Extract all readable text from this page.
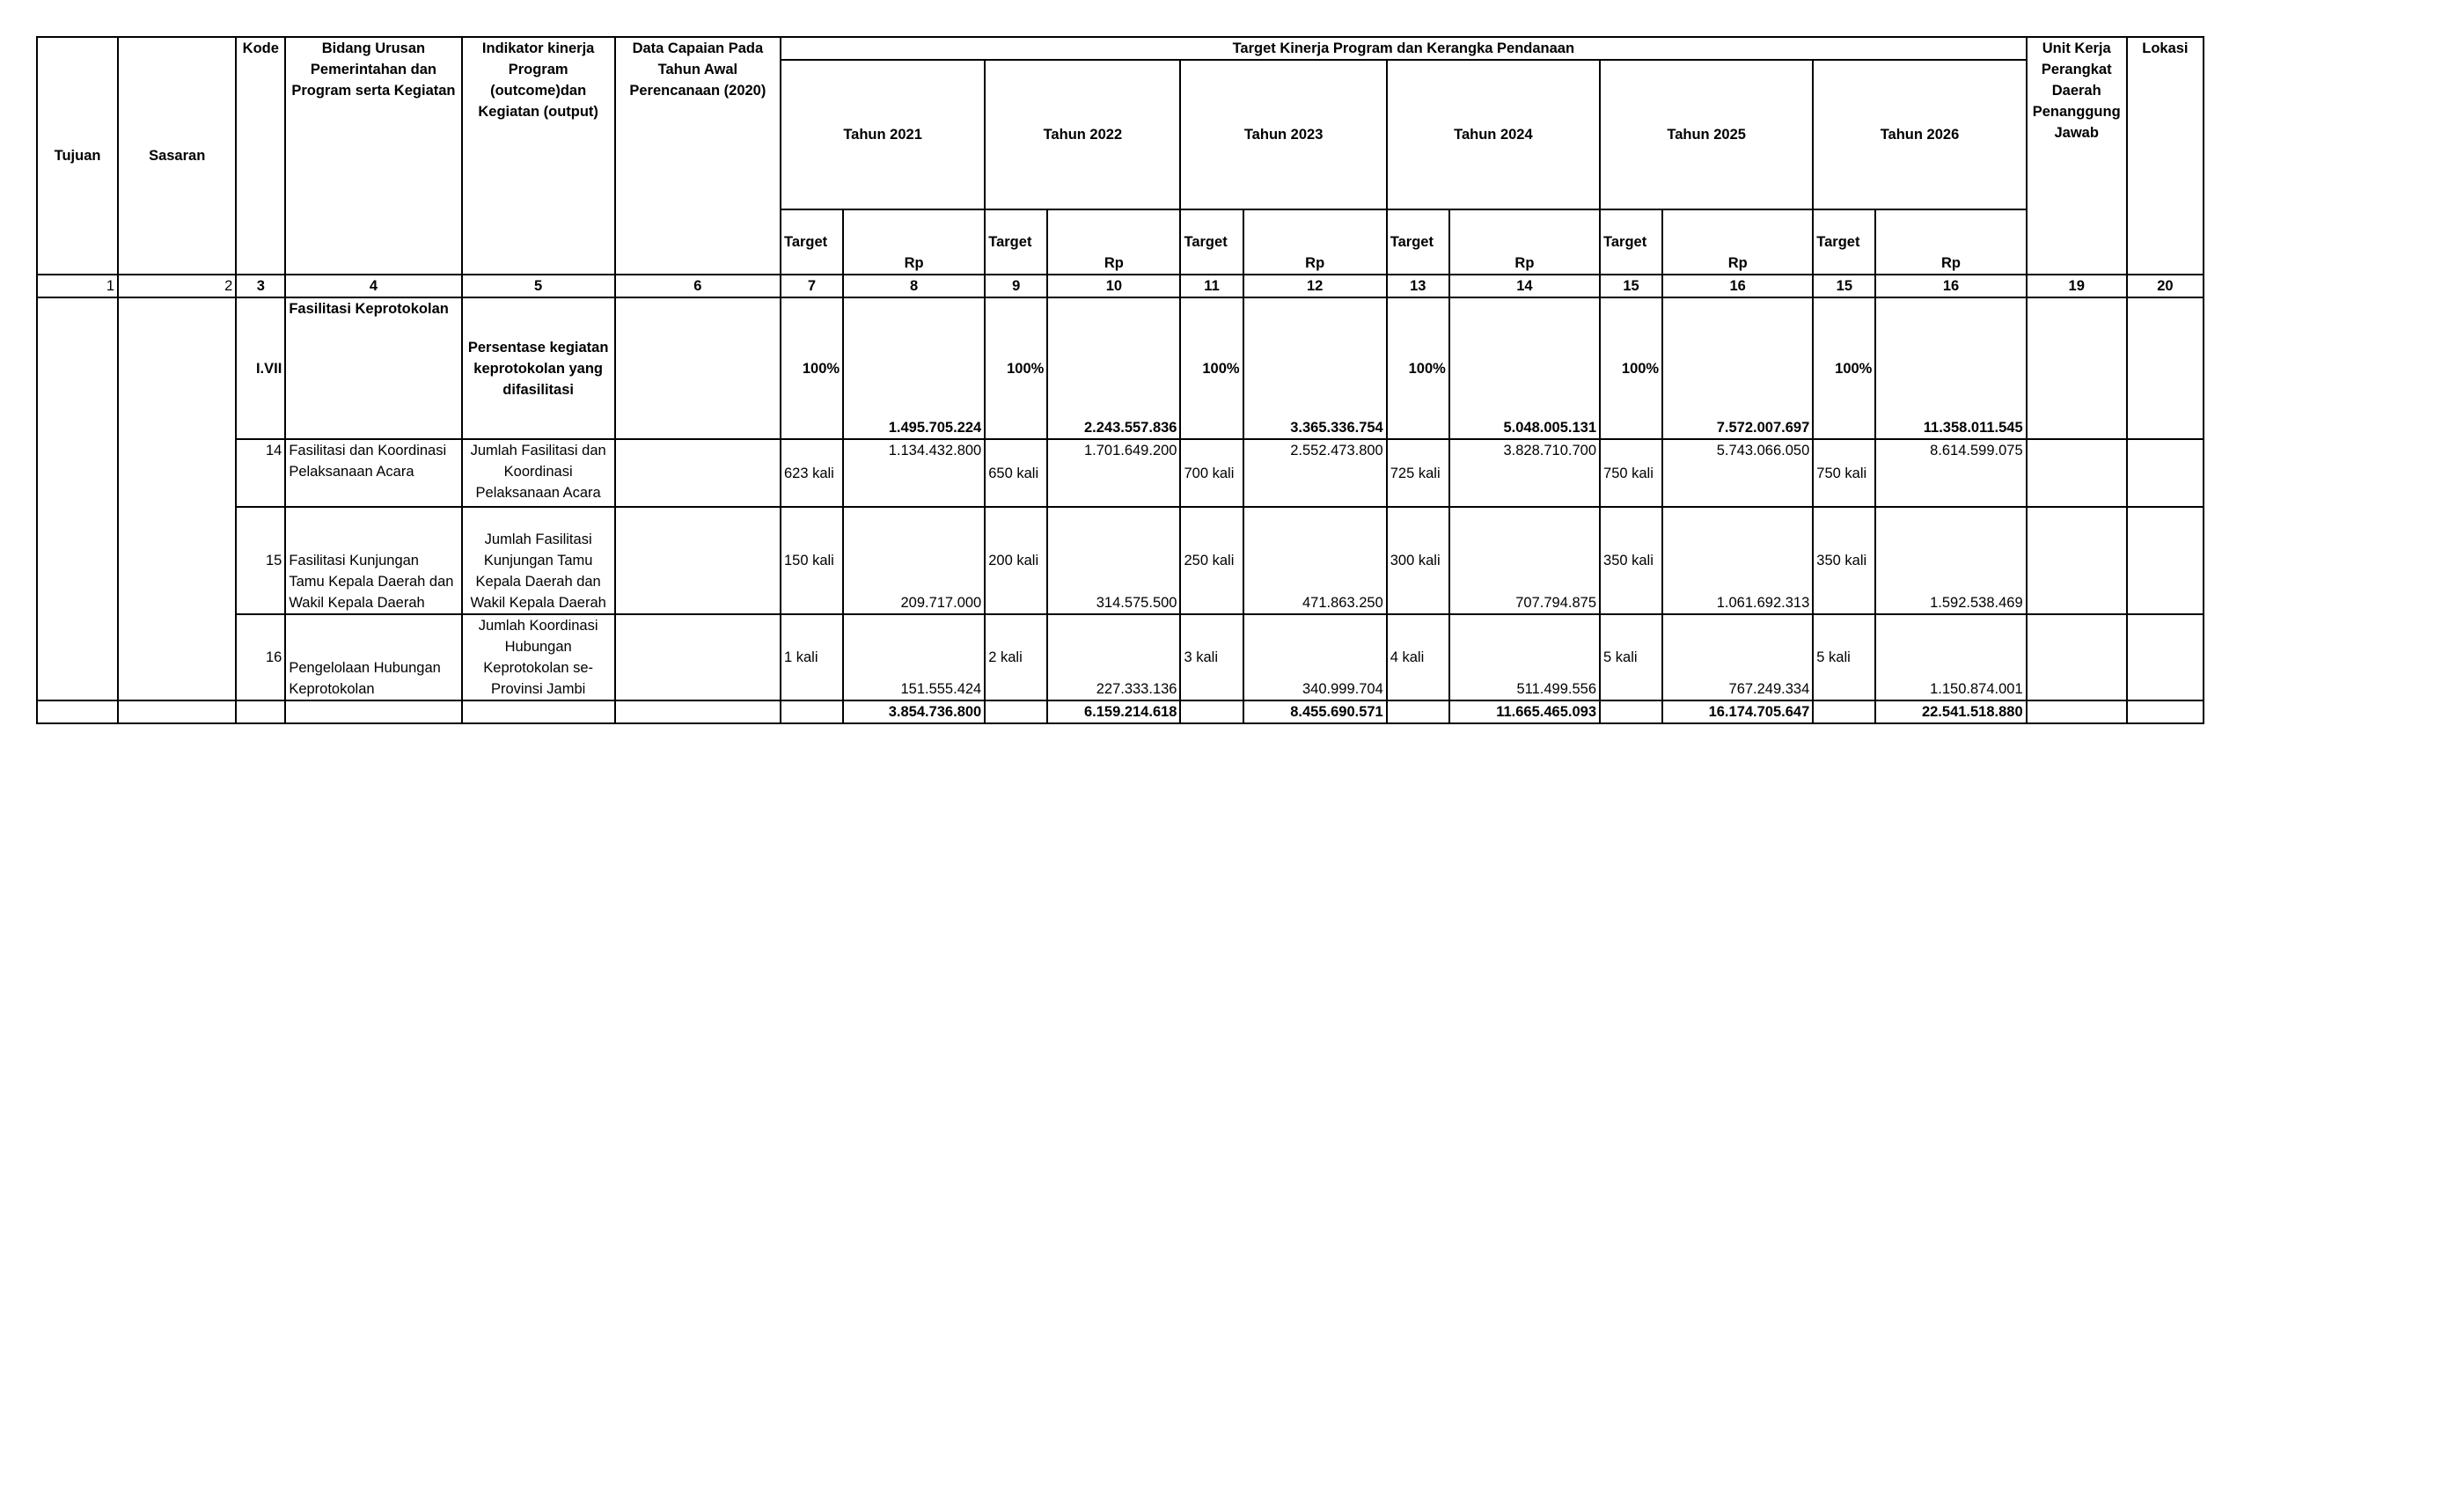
Tujuan	Sasaran	Kode	Bidang Urusan Pemerintahan dan Program serta Kegiatan	Indikator kinerja Program (outcome)dan Kegiatan (output)	Data Capaian Pada Tahun Awal Perencanaan (2020)	Target Kinerja Program dan Kerangka Pendanaan												Unit Kerja Perangkat Daerah Penanggung Jawab	Lokasi
						Tahun 2021		Tahun 2022		Tahun 2023		Tahun 2024		Tahun 2025		Tahun 2026			
						Target	Rp	Target	Rp	Target	Rp	Target	Rp	Target	Rp	Target	Rp		
1	2	3	4	5	6	7	8	9	10	11	12	13	14	15	16	15	16	19	20
		I.VII	Fasilitasi Keprotokolan	Persentase kegiatan keprotokolan yang difasilitasi		100%	1.495.705.224	100%	2.243.557.836	100%	3.365.336.754	100%	5.048.005.131	100%	7.572.007.697	100%	11.358.011.545		
		14	Fasilitasi dan Koordinasi Pelaksanaan Acara	Jumlah Fasilitasi dan Koordinasi Pelaksanaan Acara		623 kali	1.134.432.800	650 kali	1.701.649.200	700 kali	2.552.473.800	725 kali	3.828.710.700	750 kali	5.743.066.050	750 kali	8.614.599.075		
		15	Fasilitasi Kunjungan Tamu Kepala Daerah dan Wakil Kepala Daerah	Jumlah Fasilitasi Kunjungan Tamu Kepala Daerah dan Wakil Kepala Daerah		150 kali	209.717.000	200 kali	314.575.500	250 kali	471.863.250	300 kali	707.794.875	350 kali	1.061.692.313	350 kali	1.592.538.469		
		16	Pengelolaan Hubungan Keprotokolan	Jumlah Koordinasi Hubungan Keprotokolan se-Provinsi Jambi		1 kali	151.555.424	2 kali	227.333.136	3 kali	340.999.704	4 kali	511.499.556	5 kali	767.249.334	5 kali	1.150.874.001		
							3.854.736.800		6.159.214.618		8.455.690.571		11.665.465.093		16.174.705.647		22.541.518.880		
